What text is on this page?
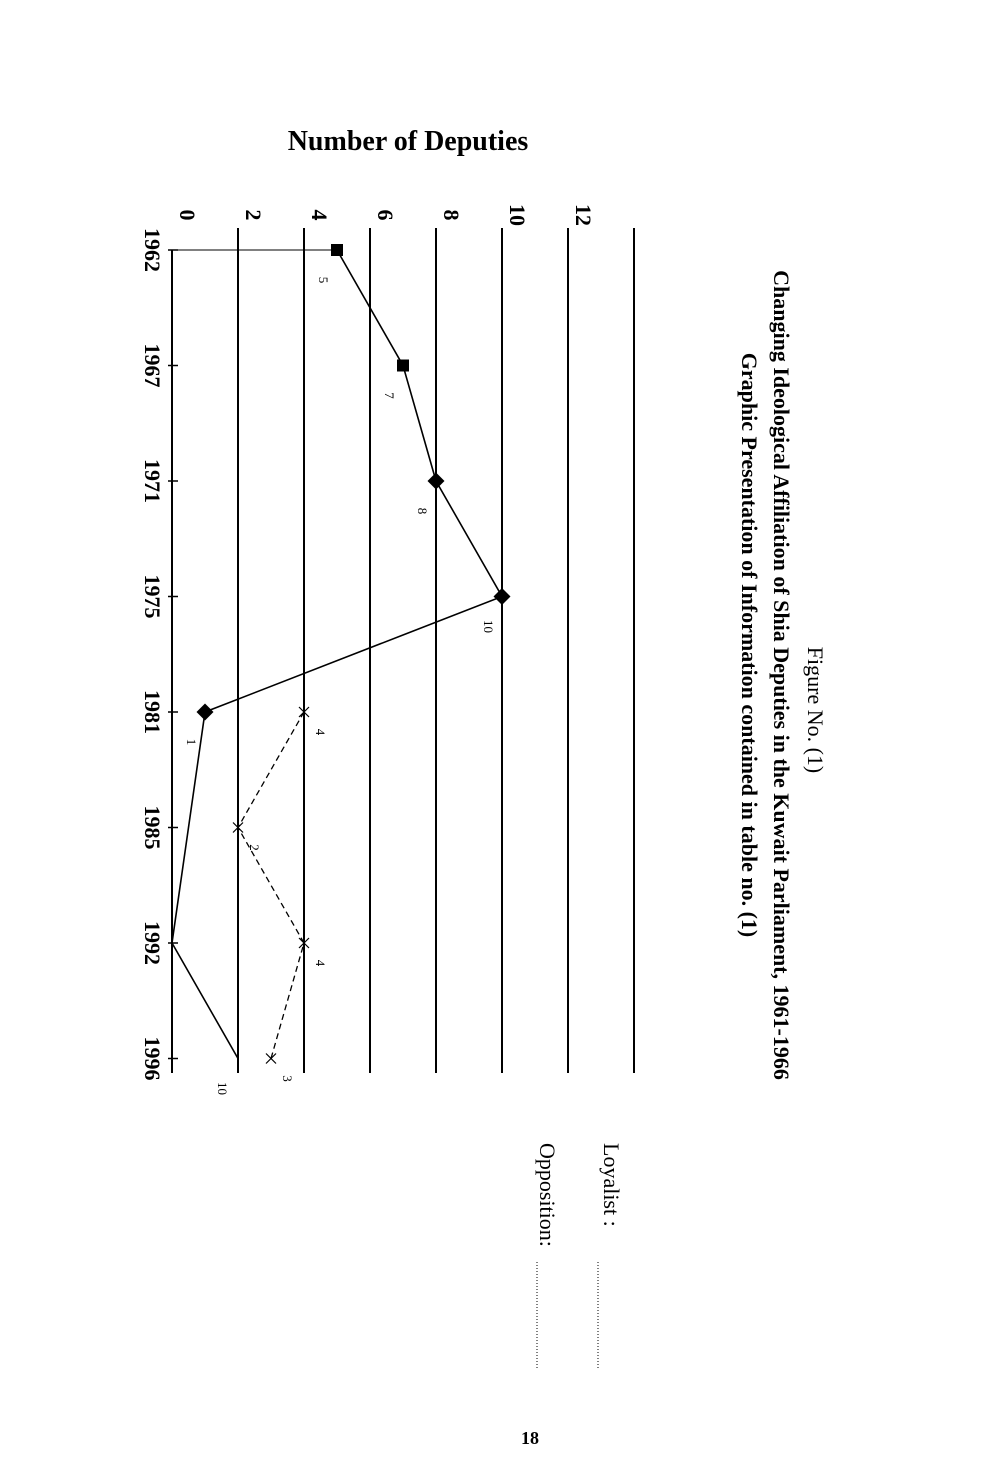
0 2 4 6 8 10 12
1962
1967
1971
1975
1981
1985
1992
1996
5
7
8
10
1
10
4
2
4
3
Figure No. (1)
Changing Ideological Affiliation of Shia Deputies in the Kuwait Parliament, 1961-1966
Graphic Presentation of Information contained in table no. (1)
Number of Deputies
Loyalist :
Opposition:
18
